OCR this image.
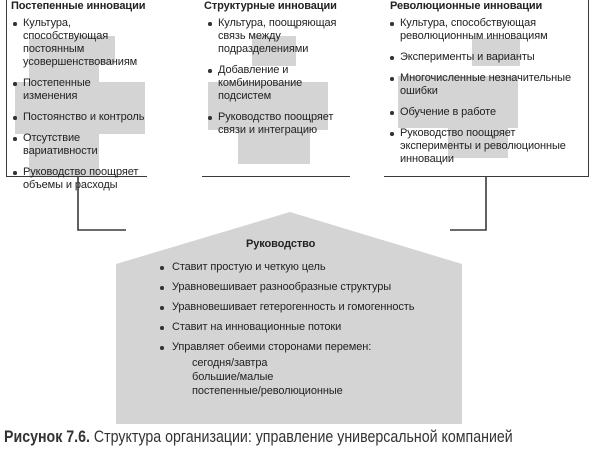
Постепенные инновации
Культура, способствующая постоянным усовершенствованиям
Постепенные изменения
Постоянство и контроль
Отсутствие вариативности
Руководство поощряет объемы и расходы
Структурные инновации
Культура, поощряющая связь между подразделениями
Добавление и комбинирование подсистем
Руководство поощряет связи и интеграцию
Революционные инновации
Культура, способствующая революционным инновациям
Эксперименты и варианты
Многочисленные незначительные ошибки
Обучение в работе
Руководство поощряет эксперименты и революционные инновации
Руководство
Ставит простую и четкую цель
Уравновешивает разнообразные структуры
Уравновешивает гетерогенность и гомогенность
Ставит на инновационные потоки
Управляет обеими сторонами перемен:
сегодня/завтра
большие/малые
постепенные/революционные
Рисунок 7.6. Структура организации: управление универсальной компанией
